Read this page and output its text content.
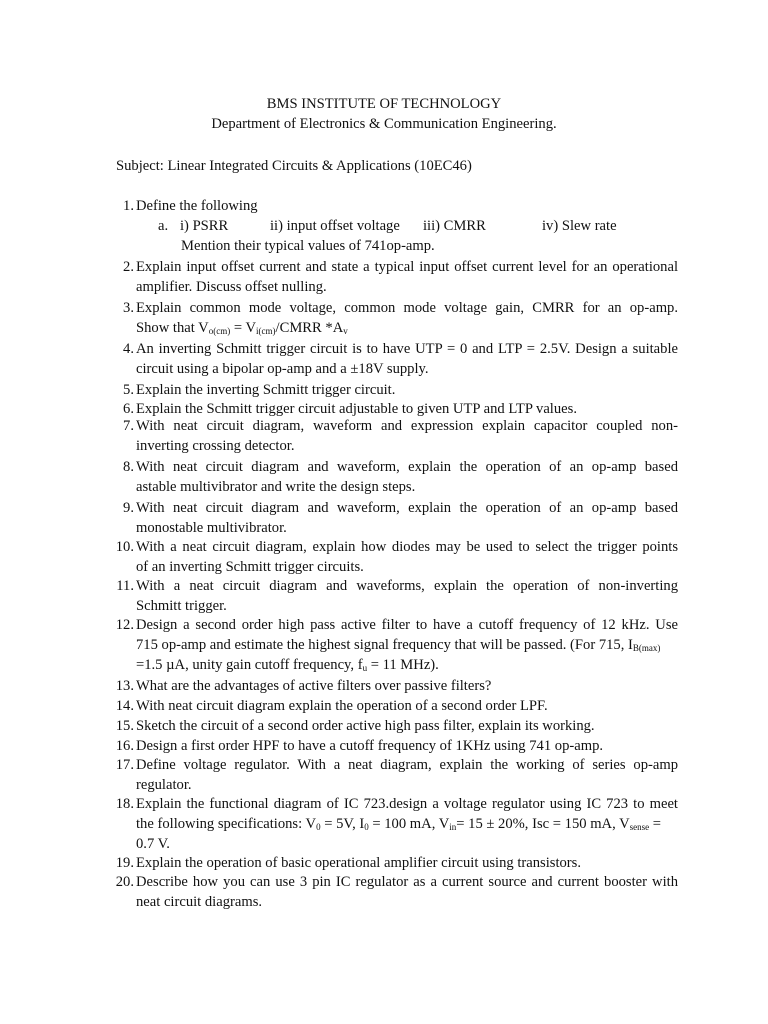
BMS INSTITUTE OF TECHNOLOGY
Department of Electronics & Communication Engineering.
Subject: Linear Integrated Circuits & Applications (10EC46)
1. Define the following
a. i) PSRR	ii) input offset voltage iii) CMRR	iv) Slew rate
Mention their typical values of 741op-amp.
2. Explain input offset current and state a typical input offset current level for an operational
amplifier. Discuss offset nulling.
3. Explain common mode voltage, common mode voltage gain, CMRR for an op-amp.
Show that $V_{o(cm)}$ = $V_{i(cm)}$/CMRR $*A_v$
4. An inverting Schmitt trigger circuit is to have UTP = 0 and LTP = 2.5V. Design a suitable
circuit using a bipolar op-amp and a ±18V supply.
5. Explain the inverting Schmitt trigger circuit.
6. Explain the Schmitt trigger circuit adjustable to given UTP and LTP values.
7. With neat circuit diagram, waveform and expression explain capacitor coupled non-
inverting crossing detector.
8. With neat circuit diagram and waveform, explain the operation of an op-amp based
astable multivibrator and write the design steps.
9. With neat circuit diagram and waveform, explain the operation of an op-amp based
monostable multivibrator.
10. With a neat circuit diagram, explain how diodes may be used to select the trigger points
of an inverting Schmitt trigger circuits.
11. With a neat circuit diagram and waveforms, explain the operation of non-inverting
Schmitt trigger.
12. Design a second order high pass active filter to have a cutoff frequency of 12 kHz. Use
715 op-amp and estimate the highest signal frequency that will be passed. (For 715, $I_{B(max)}$
=1.5 µA, unity gain cutoff frequency, $f_u = 11$ MHz).
13. What are the advantages of active filters over passive filters?
14. With neat circuit diagram explain the operation of a second order LPF.
15. Sketch the circuit of a second order active high pass filter, explain its working.
16. Design a first order HPF to have a cutoff frequency of 1KHz using 741 op-amp.
17. Define voltage regulator. With a neat diagram, explain the working of series op-amp
regulator.
18. Explain the functional diagram of IC 723.design a voltage regulator using IC 723 to meet
the following specifications: $V_0 = 5V$, $I_0 = 100$ mA, $V_{in}= 15 \pm 20\%$, Isc = 150 mA, $V_{sense}$ =
0.7 V.
19. Explain the operation of basic operational amplifier circuit using transistors.
20. Describe how you can use 3 pin IC regulator as a current source and current booster with
neat circuit diagrams.
